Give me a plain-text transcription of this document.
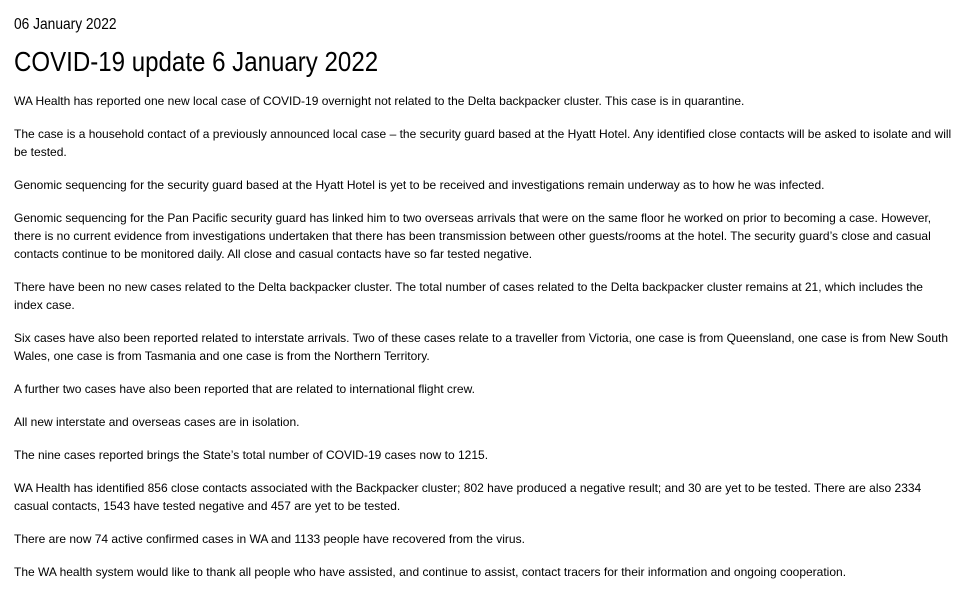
06 January 2022
COVID-19 update 6 January 2022

WA Health has reported one new local case of COVID-19 overnight not related to the Delta backpacker cluster. This case is in quarantine.

The case is a household contact of a previously announced local case – the security guard based at the Hyatt Hotel. Any identified close contacts will be asked to isolate and will be tested.

Genomic sequencing for the security guard based at the Hyatt Hotel is yet to be received and investigations remain underway as to how he was infected.

Genomic sequencing for the Pan Pacific security guard has linked him to two overseas arrivals that were on the same floor he worked on prior to becoming a case. However, there is no current evidence from investigations undertaken that there has been transmission between other guests/rooms at the hotel. The security guard’s close and casual contacts continue to be monitored daily. All close and casual contacts have so far tested negative.

There have been no new cases related to the Delta backpacker cluster. The total number of cases related to the Delta backpacker cluster remains at 21, which includes the index case.

Six cases have also been reported related to interstate arrivals. Two of these cases relate to a traveller from Victoria, one case is from Queensland, one case is from New South Wales, one case is from Tasmania and one case is from the Northern Territory.

A further two cases have also been reported that are related to international flight crew.

All new interstate and overseas cases are in isolation.

The nine cases reported brings the State’s total number of COVID-19 cases now to 1215.

WA Health has identified 856 close contacts associated with the Backpacker cluster; 802 have produced a negative result; and 30 are yet to be tested. There are also 2334 casual contacts, 1543 have tested negative and 457 are yet to be tested.

There are now 74 active confirmed cases in WA and 1133 people have recovered from the virus.

The WA health system would like to thank all people who have assisted, and continue to assist, contact tracers for their information and ongoing cooperation.
